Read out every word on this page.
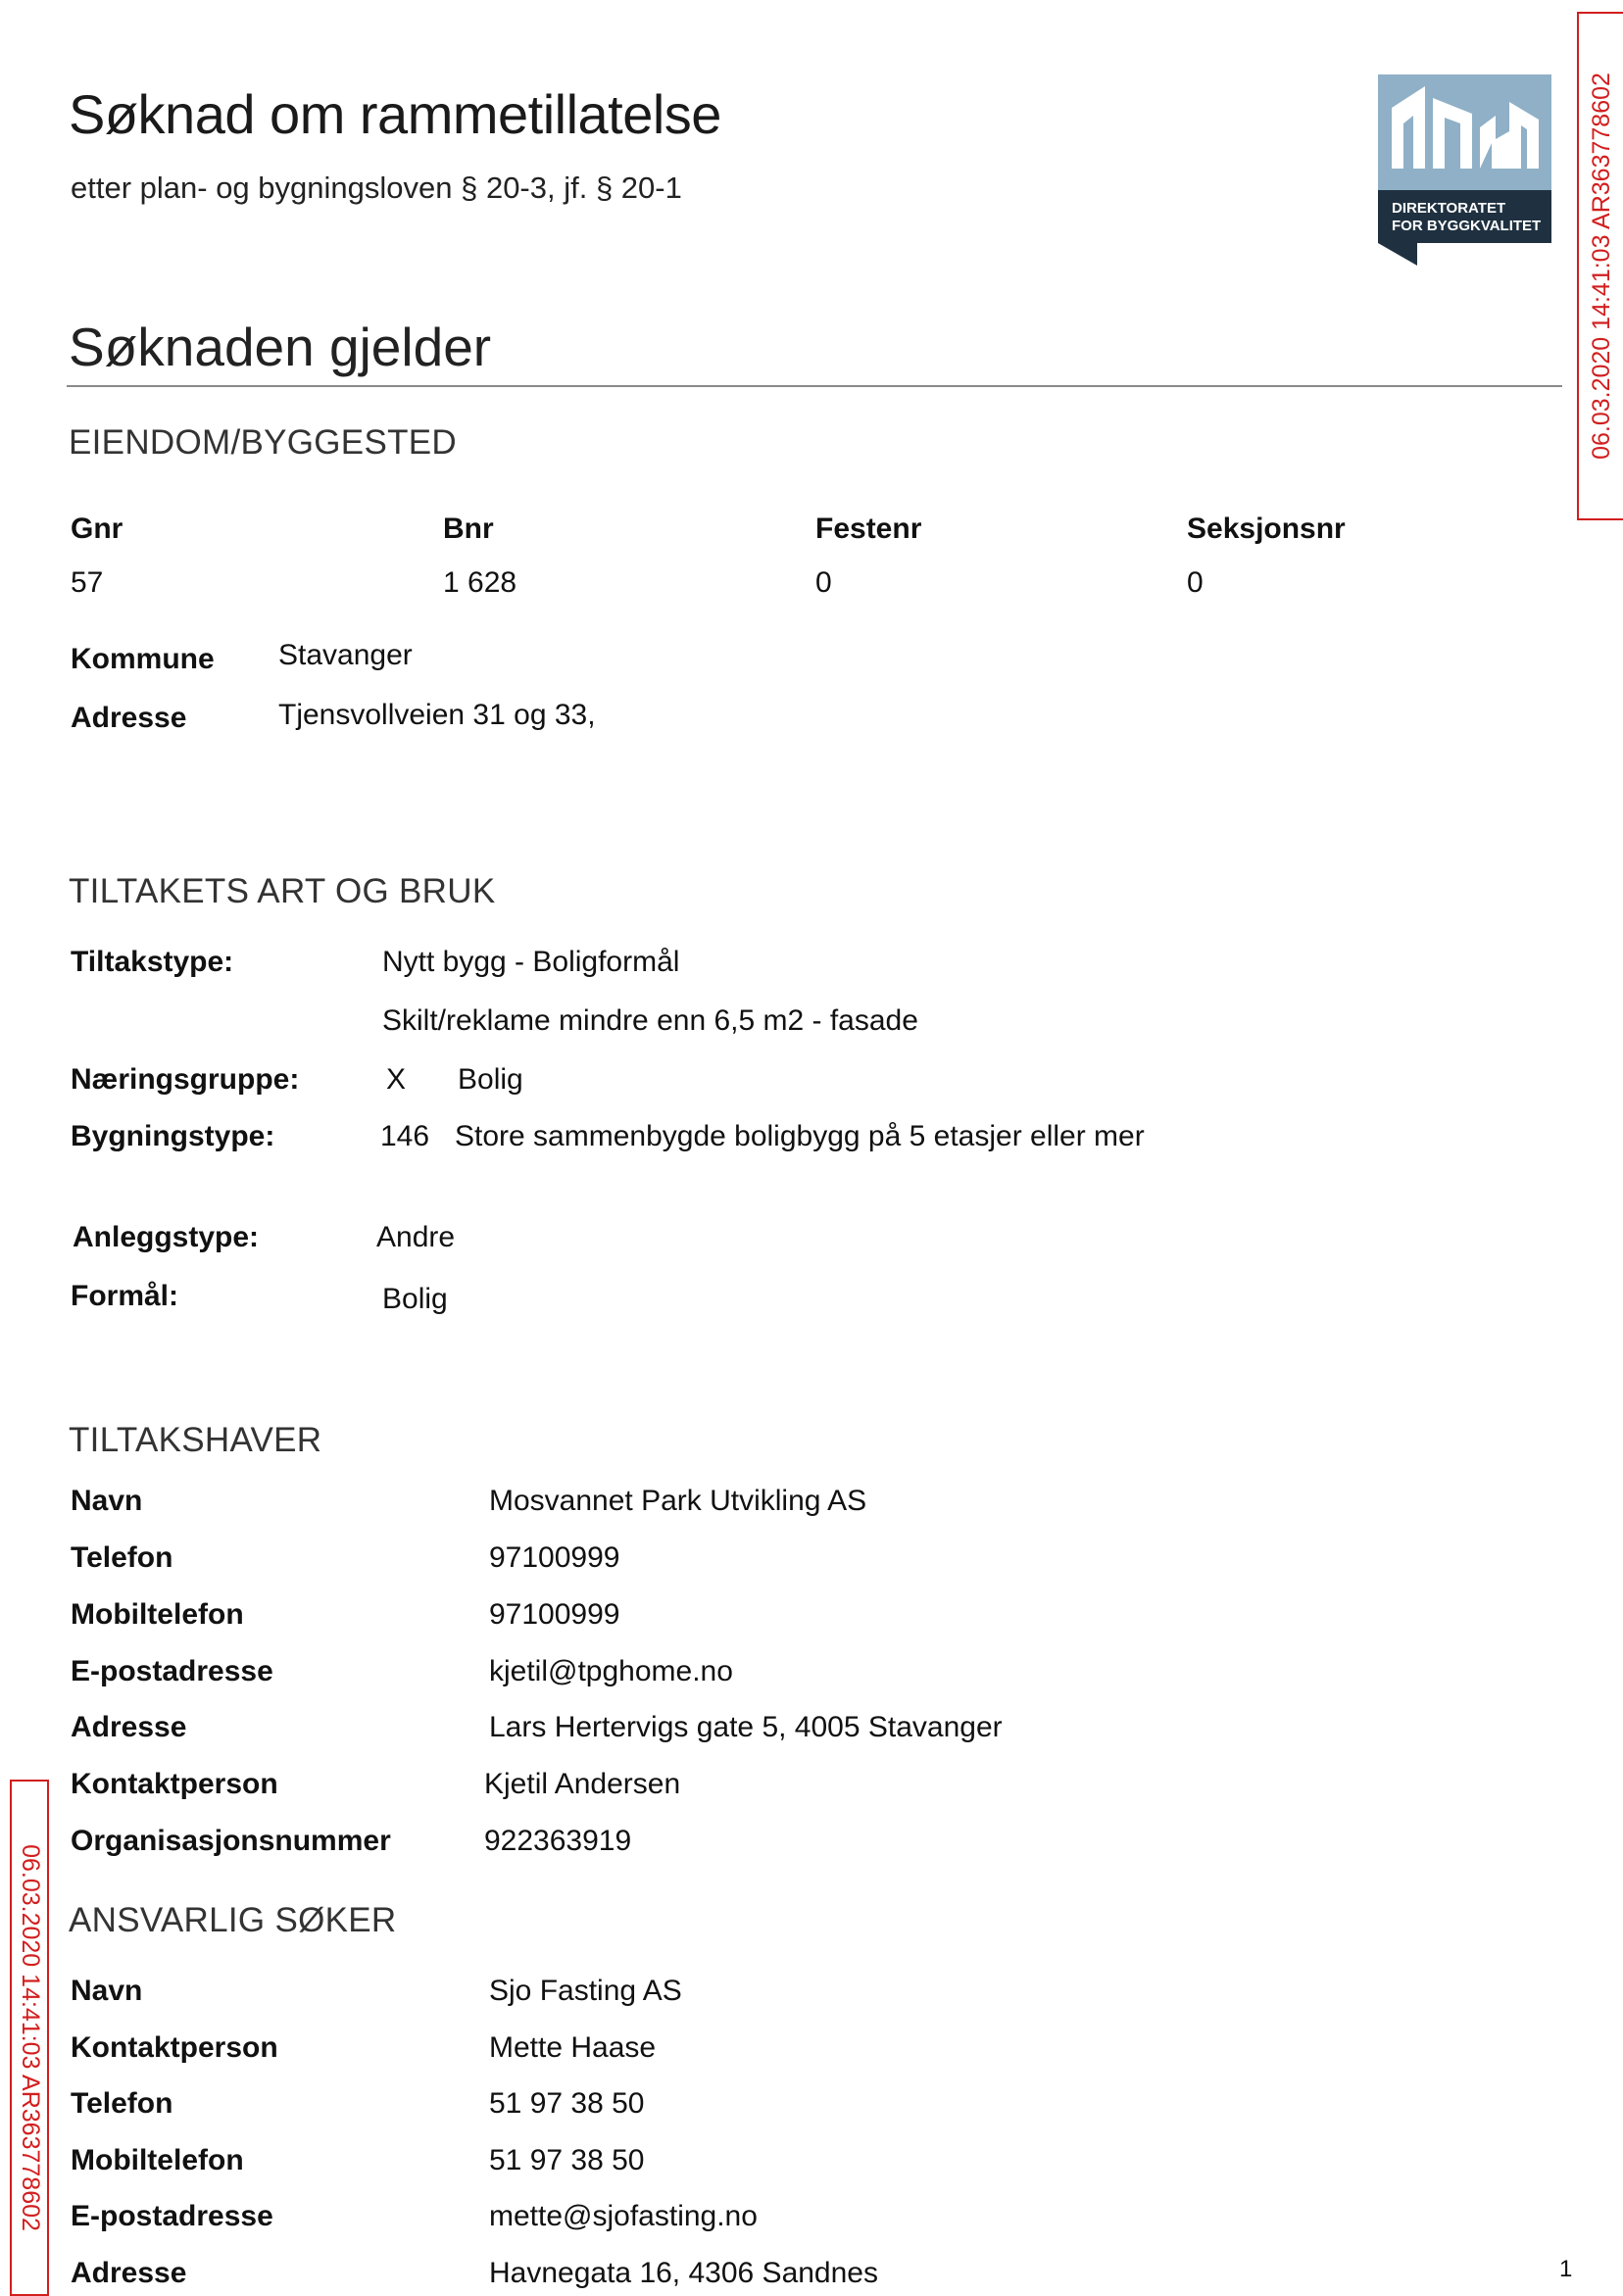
Søknad om rammetillatelse
etter plan- og bygningsloven § 20-3, jf. § 20-1
DIREKTORATET
FOR BYGGKVALITET 06.03.2020 14:41:03 AR363778602
06.03.2020 14:41:03 AR363778602
Søknaden gjelder
EIENDOM/BYGGESTED
Gnr	Bnr	Festenr	Seksjonsnr
57	1 628	0	0
Kommune Stavanger
Adresse	Tjensvollveien 31 og 33,
TILTAKETS ART OG BRUK
Tiltakstype:	Nytt bygg - Boligformål
Skilt/reklame mindre enn 6,5 m2 - fasade
Næringsgruppe:	X Bolig
Bygningstype:	146 Store sammenbygde boligbygg på 5 etasjer eller mer
Anleggstype:	Andre
Formål:	Bolig
TILTAKSHAVER
Navn	Mosvannet Park Utvikling AS
Telefon	97100999
Mobiltelefon	97100999
E-postadresse	kjetil@tpghome.no
Adresse	Lars Hertervigs gate 5, 4005 Stavanger
Kontaktperson	Kjetil Andersen
Organisasjonsnummer	922363919
ANSVARLIG SØKER
Navn	Sjo Fasting AS
Kontaktperson	Mette Haase
Telefon	51 97 38 50
Mobiltelefon	51 97 38 50
E-postadresse	mette@sjofasting.no
Adresse	Havnegata 16, 4306 Sandnes	1
